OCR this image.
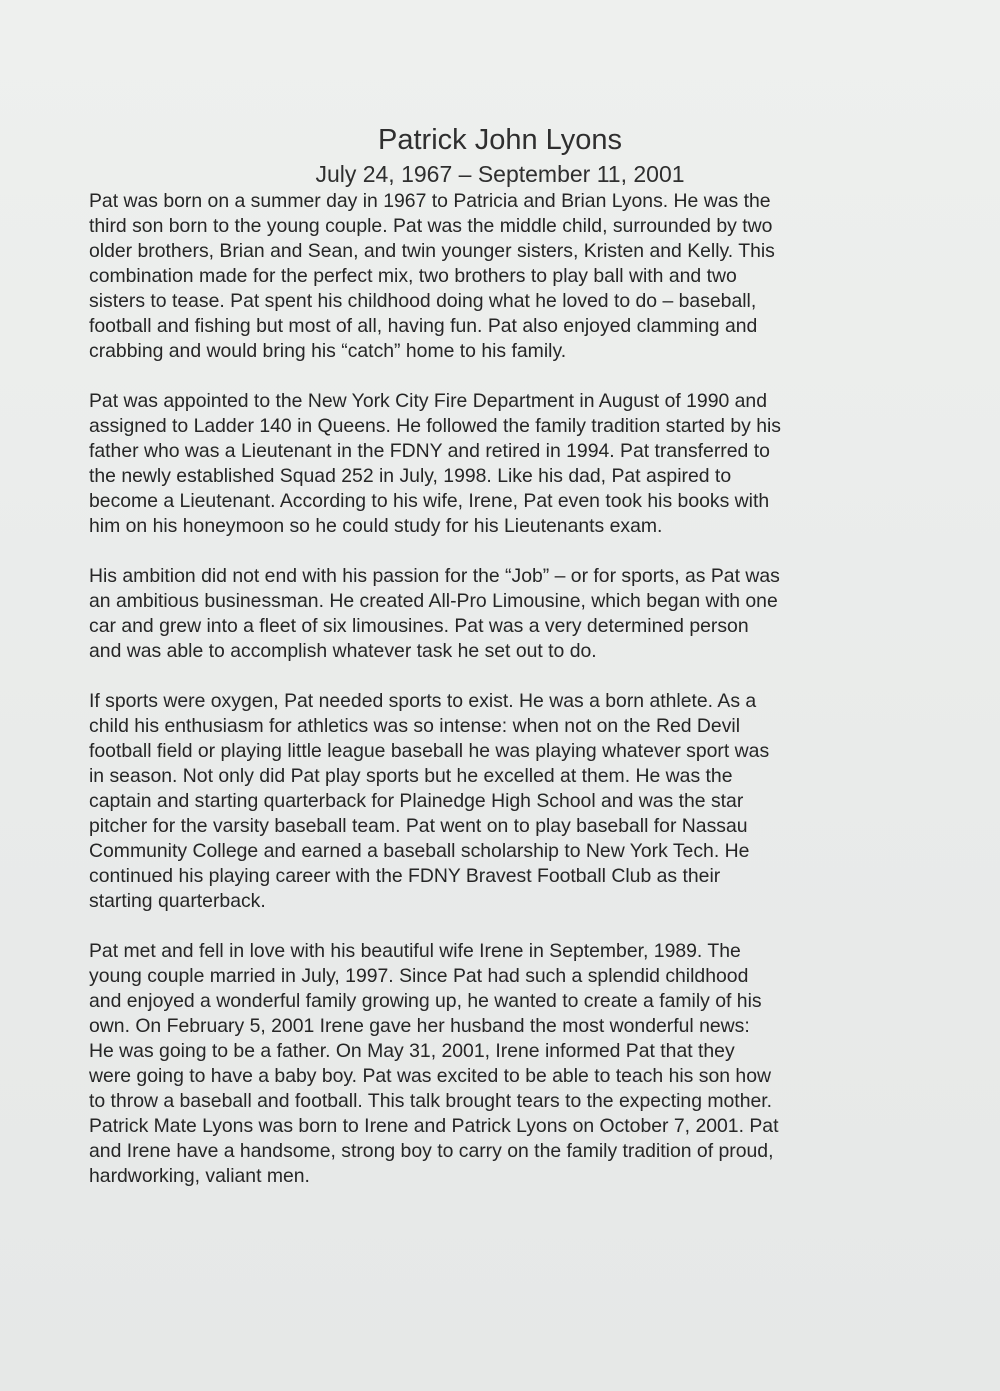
Patrick John Lyons
July 24, 1967 – September 11, 2001

Pat was born on a summer day in 1967 to Patricia and Brian Lyons. He was the
third son born to the young couple. Pat was the middle child, surrounded by two
older brothers, Brian and Sean, and twin younger sisters, Kristen and Kelly. This
combination made for the perfect mix, two brothers to play ball with and two
sisters to tease. Pat spent his childhood doing what he loved to do – baseball,
football and fishing but most of all, having fun. Pat also enjoyed clamming and
crabbing and would bring his “catch” home to his family.

Pat was appointed to the New York City Fire Department in August of 1990 and
assigned to Ladder 140 in Queens. He followed the family tradition started by his
father who was a Lieutenant in the FDNY and retired in 1994. Pat transferred to
the newly established Squad 252 in July, 1998. Like his dad, Pat aspired to
become a Lieutenant. According to his wife, Irene, Pat even took his books with
him on his honeymoon so he could study for his Lieutenants exam.

His ambition did not end with his passion for the “Job” – or for sports, as Pat was
an ambitious businessman. He created All-Pro Limousine, which began with one
car and grew into a fleet of six limousines. Pat was a very determined person
and was able to accomplish whatever task he set out to do.

If sports were oxygen, Pat needed sports to exist. He was a born athlete. As a
child his enthusiasm for athletics was so intense: when not on the Red Devil
football field or playing little league baseball he was playing whatever sport was
in season. Not only did Pat play sports but he excelled at them. He was the
captain and starting quarterback for Plainedge High School and was the star
pitcher for the varsity baseball team. Pat went on to play baseball for Nassau
Community College and earned a baseball scholarship to New York Tech. He
continued his playing career with the FDNY Bravest Football Club as their
starting quarterback.

Pat met and fell in love with his beautiful wife Irene in September, 1989. The
young couple married in July, 1997. Since Pat had such a splendid childhood
and enjoyed a wonderful family growing up, he wanted to create a family of his
own. On February 5, 2001 Irene gave her husband the most wonderful news:
He was going to be a father. On May 31, 2001, Irene informed Pat that they
were going to have a baby boy. Pat was excited to be able to teach his son how
to throw a baseball and football. This talk brought tears to the expecting mother.
Patrick Mate Lyons was born to Irene and Patrick Lyons on October 7, 2001. Pat
and Irene have a handsome, strong boy to carry on the family tradition of proud,
hardworking, valiant men.
